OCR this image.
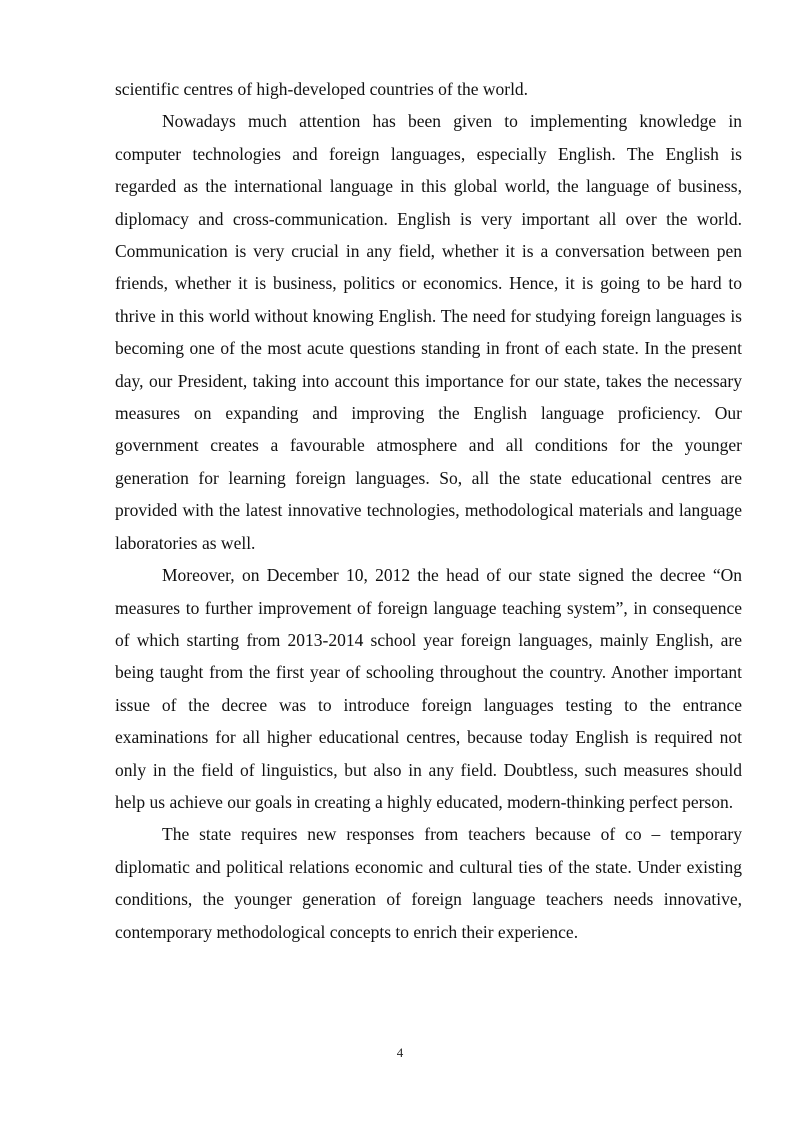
scientific centres of high-developed countries of the world.

Nowadays much attention has been given to implementing knowledge in computer technologies and foreign languages, especially English. The English is regarded as the international language in this global world, the language of business, diplomacy and cross-communication. English is very important all over the world. Communication is very crucial in any field, whether it is a conversation between pen friends, whether it is business, politics or economics. Hence, it is going to be hard to thrive in this world without knowing English. The need for studying foreign languages is becoming one of the most acute questions standing in front of each state. In the present day, our President, taking into account this importance for our state, takes the necessary measures on expanding and improving the English language proficiency. Our government creates a favourable atmosphere and all conditions for the younger generation for learning foreign languages. So, all the state educational centres are provided with the latest innovative technologies, methodological materials and language laboratories as well.

Moreover, on December 10, 2012 the head of our state signed the decree “On measures to further improvement of foreign language teaching system”, in consequence of which starting from 2013-2014 school year foreign languages, mainly English, are being taught from the first year of schooling throughout the country. Another important issue of the decree was to introduce foreign languages testing to the entrance examinations for all higher educational centres, because today English is required not only in the field of linguistics, but also in any field. Doubtless, such measures should help us achieve our goals in creating a highly educated, modern-thinking perfect person.

The state requires new responses from teachers because of co – temporary diplomatic and political relations economic and cultural ties of the state. Under existing conditions, the younger generation of foreign language teachers needs innovative, contemporary methodological concepts to enrich their experience.

4
